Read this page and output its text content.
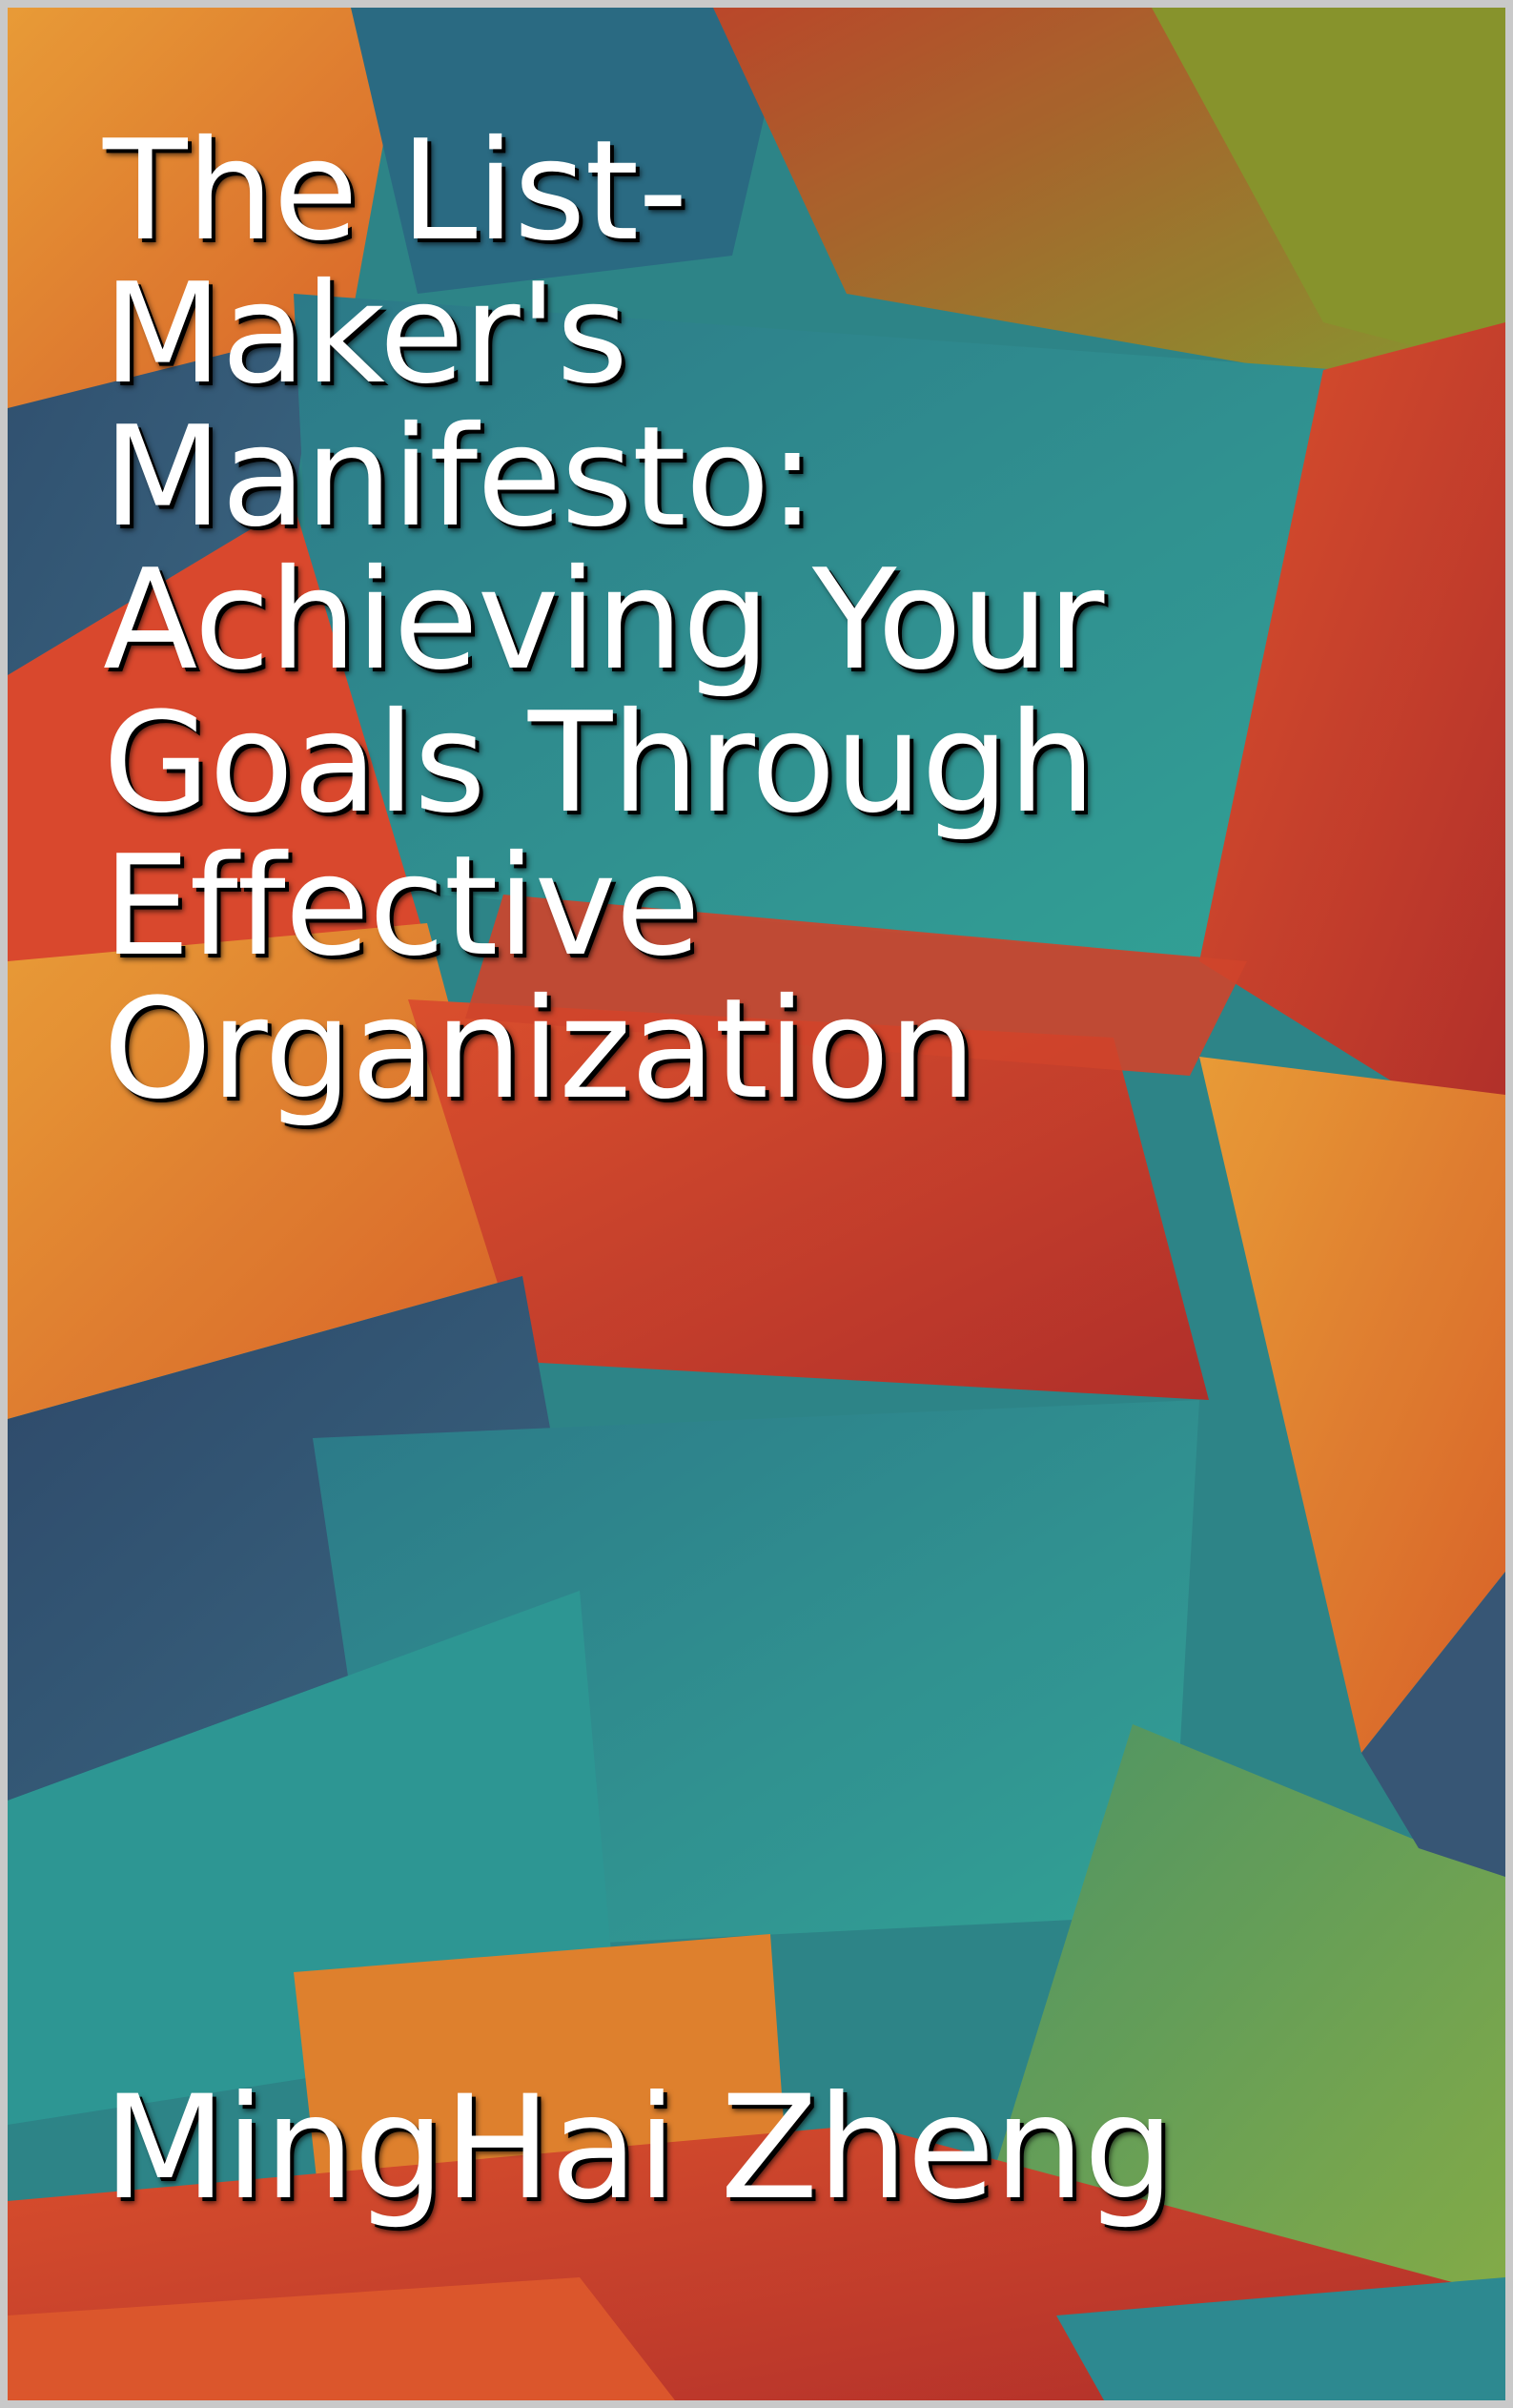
The List-
Maker's
Manifesto:
Achieving Your
Goals Through
Effective
Organization
MingHai Zheng
